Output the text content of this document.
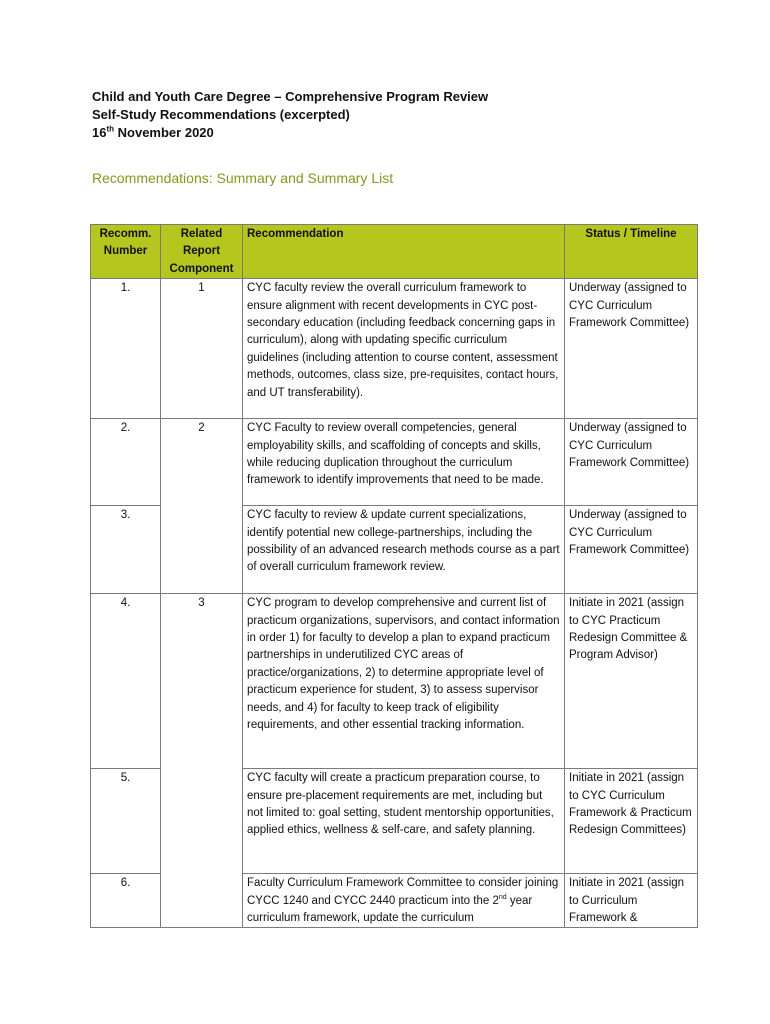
Child and Youth Care Degree – Comprehensive Program Review
Self-Study Recommendations (excerpted)
16th November 2020
Recommendations: Summary and Summary List
Recomm. Number	Related Report Component	Recommendation	Status / Timeline
1.	1	CYC faculty review the overall curriculum framework to ensure alignment with recent developments in CYC post-secondary education (including feedback concerning gaps in curriculum), along with updating specific curriculum guidelines (including attention to course content, assessment methods, outcomes, class size, pre-requisites, contact hours, and UT transferability).	Underway (assigned to CYC Curriculum Framework Committee)
2.	2	CYC Faculty to review overall competencies, general employability skills, and scaffolding of concepts and skills, while reducing duplication throughout the curriculum framework to identify improvements that need to be made.	Underway (assigned to CYC Curriculum Framework Committee)
3.		CYC faculty to review & update current specializations, identify potential new college-partnerships, including the possibility of an advanced research methods course as a part of overall curriculum framework review.	Underway (assigned to CYC Curriculum Framework Committee)
4.	3	CYC program to develop comprehensive and current list of practicum organizations, supervisors, and contact information in order 1) for faculty to develop a plan to expand practicum partnerships in underutilized CYC areas of practice/organizations, 2) to determine appropriate level of practicum experience for student, 3) to assess supervisor needs, and 4) for faculty to keep track of eligibility requirements, and other essential tracking information.	Initiate in 2021 (assign to CYC Practicum Redesign Committee & Program Advisor)
5.		CYC faculty will create a practicum preparation course, to ensure pre-placement requirements are met, including but not limited to: goal setting, student mentorship opportunities, applied ethics, wellness & self-care, and safety planning.	Initiate in 2021 (assign to CYC Curriculum Framework & Practicum Redesign Committees)
6.		Faculty Curriculum Framework Committee to consider joining CYCC 1240 and CYCC 2440 practicum into the 2nd year curriculum framework, update the curriculum	Initiate in 2021 (assign to Curriculum Framework &
